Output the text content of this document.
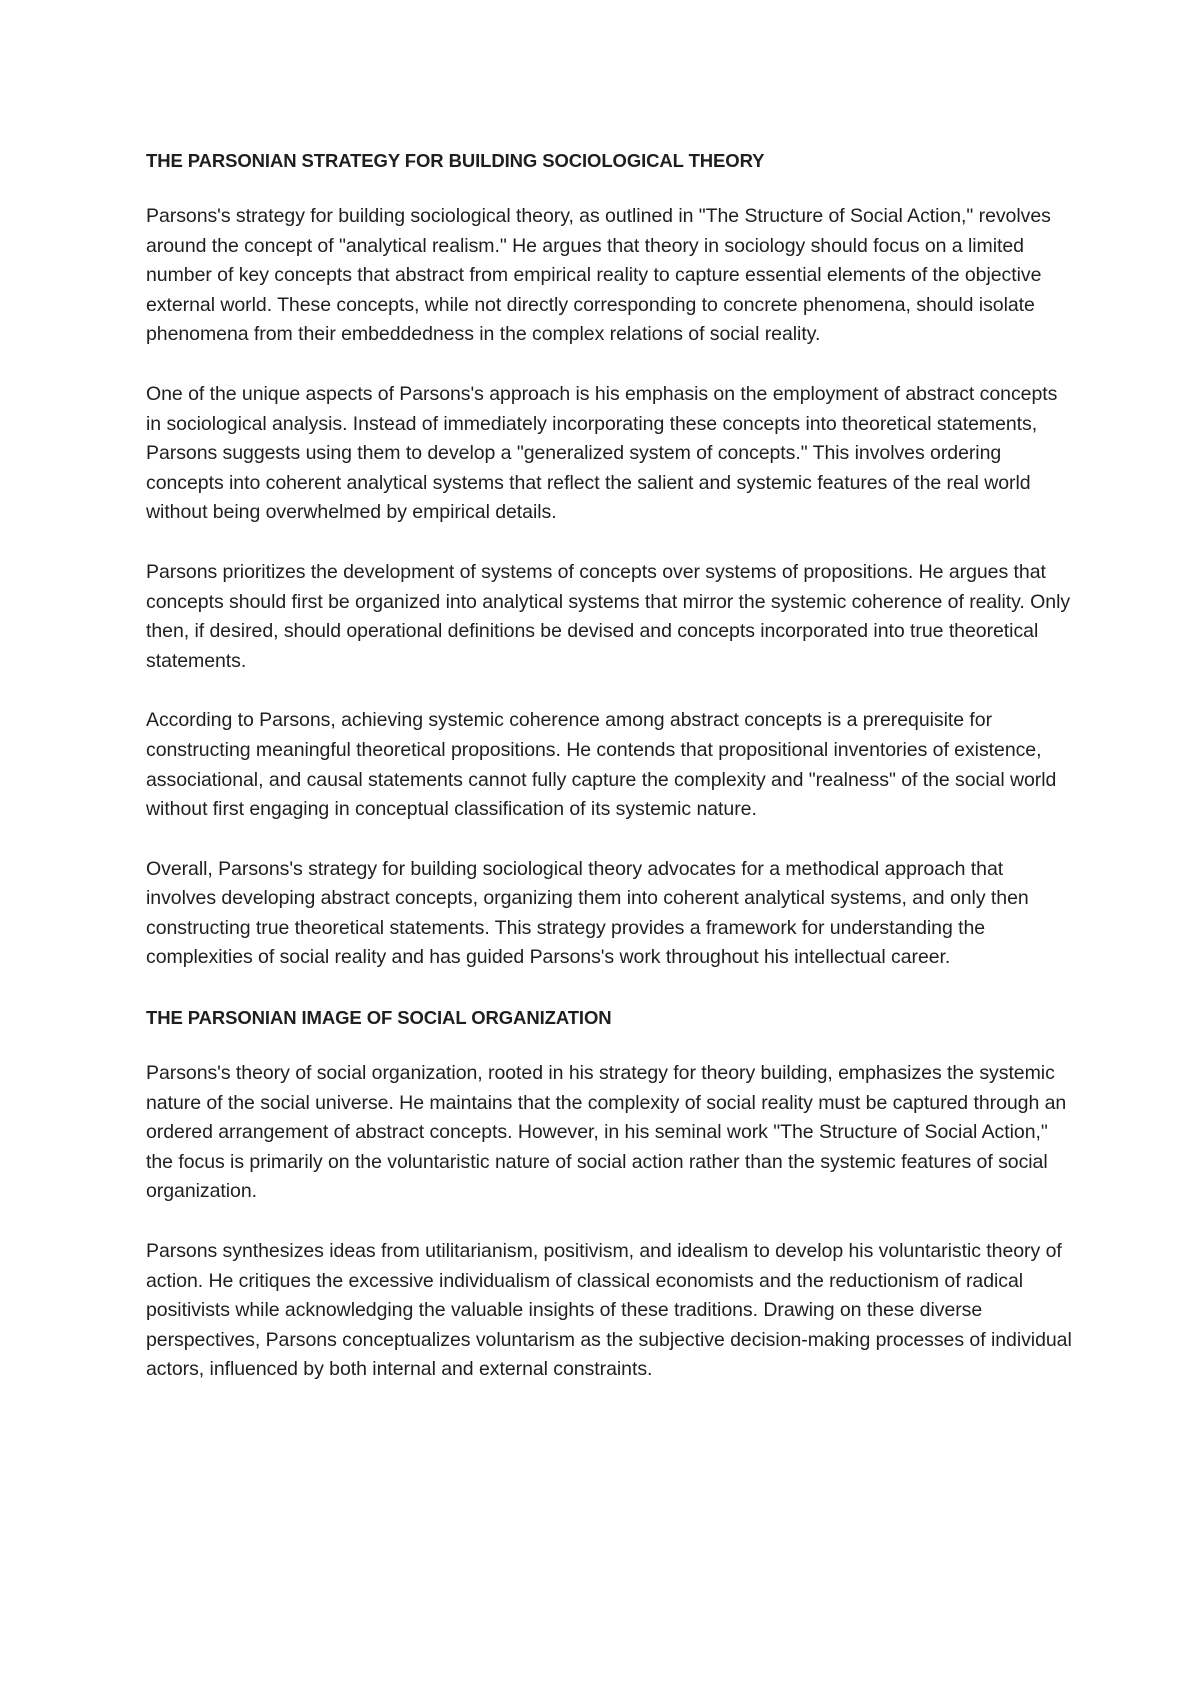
THE PARSONIAN STRATEGY FOR BUILDING SOCIOLOGICAL THEORY

Parsons's strategy for building sociological theory, as outlined in "The Structure of Social Action," revolves around the concept of "analytical realism." He argues that theory in sociology should focus on a limited number of key concepts that abstract from empirical reality to capture essential elements of the objective external world. These concepts, while not directly corresponding to concrete phenomena, should isolate phenomena from their embeddedness in the complex relations of social reality.

One of the unique aspects of Parsons's approach is his emphasis on the employment of abstract concepts in sociological analysis. Instead of immediately incorporating these concepts into theoretical statements, Parsons suggests using them to develop a "generalized system of concepts." This involves ordering concepts into coherent analytical systems that reflect the salient and systemic features of the real world without being overwhelmed by empirical details.

Parsons prioritizes the development of systems of concepts over systems of propositions. He argues that concepts should first be organized into analytical systems that mirror the systemic coherence of reality. Only then, if desired, should operational definitions be devised and concepts incorporated into true theoretical statements.

According to Parsons, achieving systemic coherence among abstract concepts is a prerequisite for constructing meaningful theoretical propositions. He contends that propositional inventories of existence, associational, and causal statements cannot fully capture the complexity and "realness" of the social world without first engaging in conceptual classification of its systemic nature.

Overall, Parsons's strategy for building sociological theory advocates for a methodical approach that involves developing abstract concepts, organizing them into coherent analytical systems, and only then constructing true theoretical statements. This strategy provides a framework for understanding the complexities of social reality and has guided Parsons's work throughout his intellectual career.

THE PARSONIAN IMAGE OF SOCIAL ORGANIZATION

Parsons's theory of social organization, rooted in his strategy for theory building, emphasizes the systemic nature of the social universe. He maintains that the complexity of social reality must be captured through an ordered arrangement of abstract concepts. However, in his seminal work "The Structure of Social Action," the focus is primarily on the voluntaristic nature of social action rather than the systemic features of social organization.

Parsons synthesizes ideas from utilitarianism, positivism, and idealism to develop his voluntaristic theory of action. He critiques the excessive individualism of classical economists and the reductionism of radical positivists while acknowledging the valuable insights of these traditions. Drawing on these diverse perspectives, Parsons conceptualizes voluntarism as the subjective decision-making processes of individual actors, influenced by both internal and external constraints.
